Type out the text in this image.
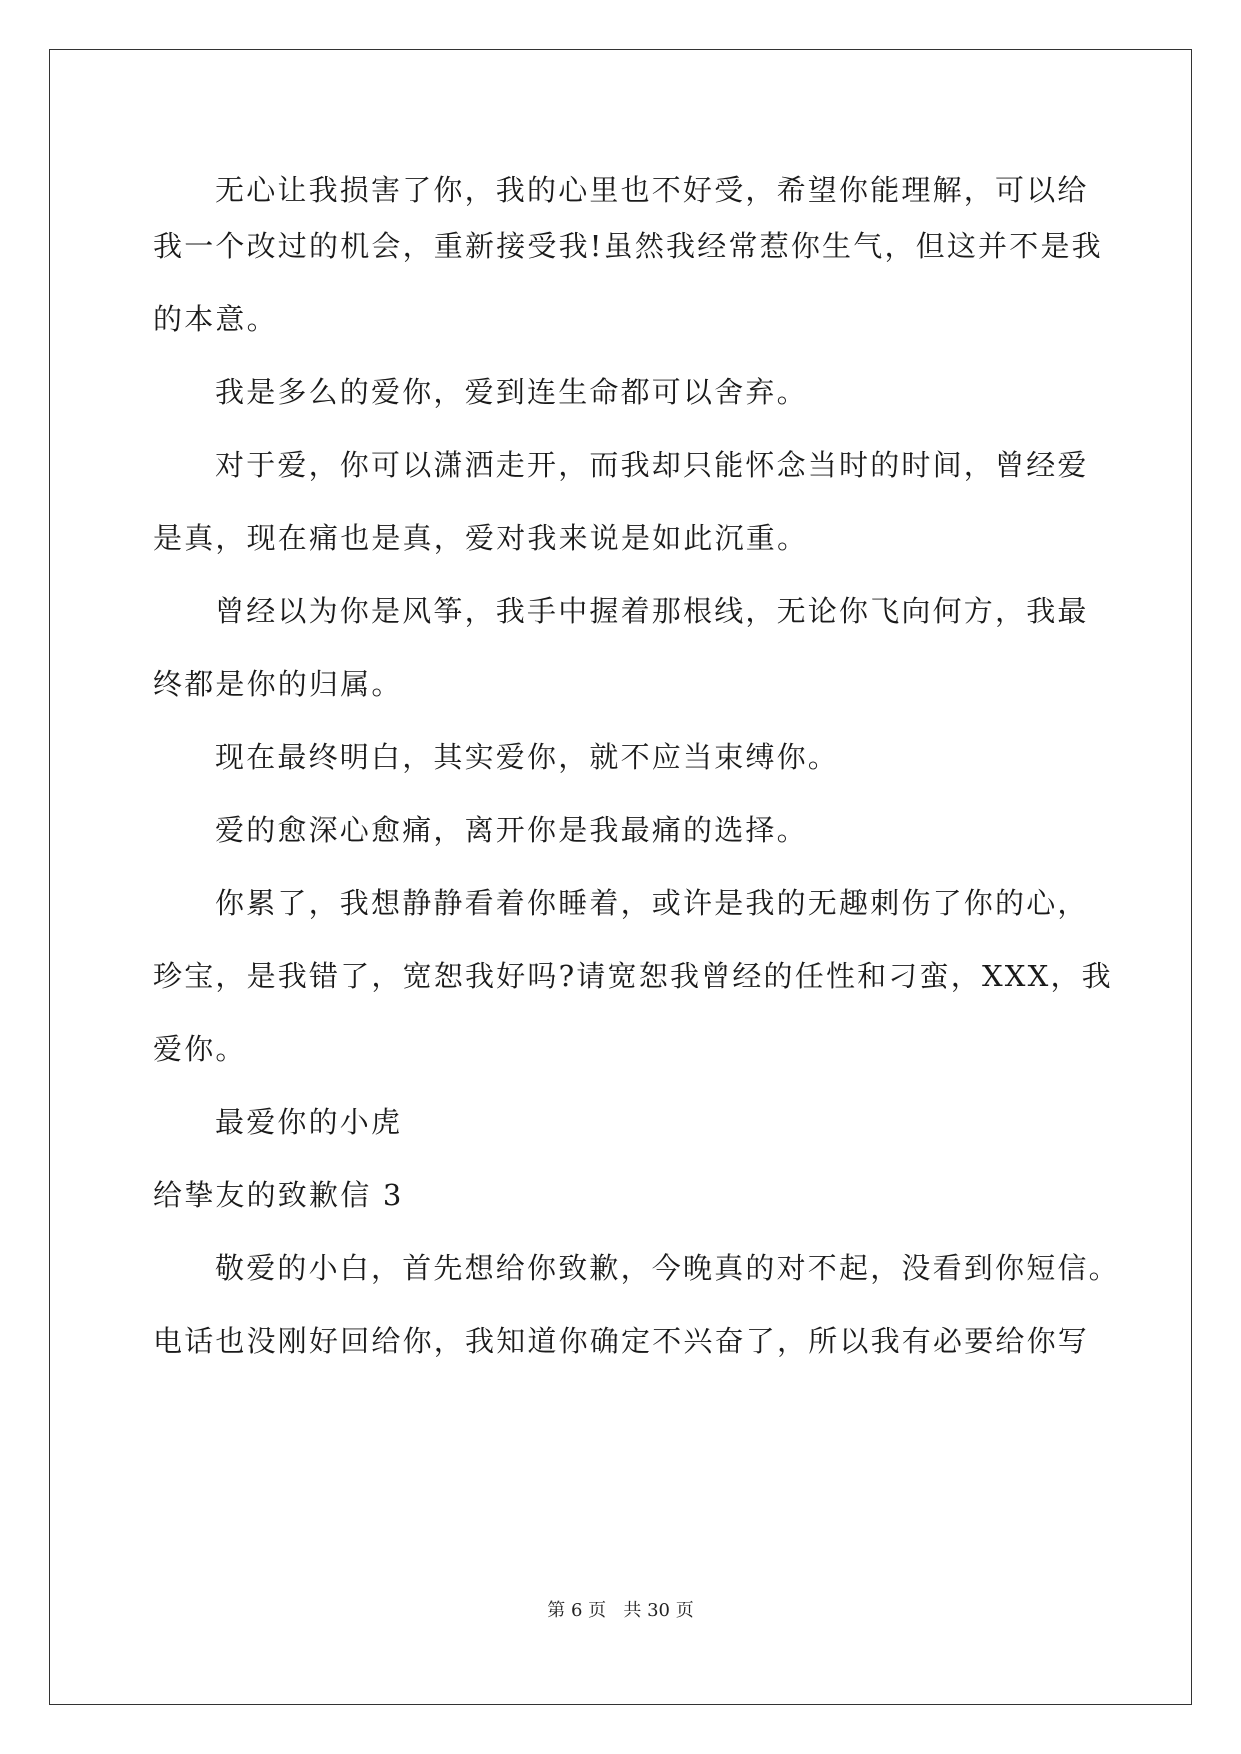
无心让我损害了你，我的心里也不好受，希望你能理解，可以给
我一个改过的机会，重新接受我!虽然我经常惹你生气，但这并不是我
的本意。
我是多么的爱你，爱到连生命都可以舍弃。
对于爱，你可以潇洒走开，而我却只能怀念当时的时间，曾经爱
是真，现在痛也是真，爱对我来说是如此沉重。
曾经以为你是风筝，我手中握着那根线，无论你飞向何方，我最
终都是你的归属。
现在最终明白，其实爱你，就不应当束缚你。
爱的愈深心愈痛，离开你是我最痛的选择。
你累了，我想静静看着你睡着，或许是我的无趣刺伤了你的心，
珍宝，是我错了，宽恕我好吗?请宽恕我曾经的任性和刁蛮，XXX，我
爱你。
最爱你的小虎
给挚友的致歉信 3
敬爱的小白，首先想给你致歉，今晚真的对不起，没看到你短信。
电话也没刚好回给你，我知道你确定不兴奋了，所以我有必要给你写
第 6 页   共 30 页
